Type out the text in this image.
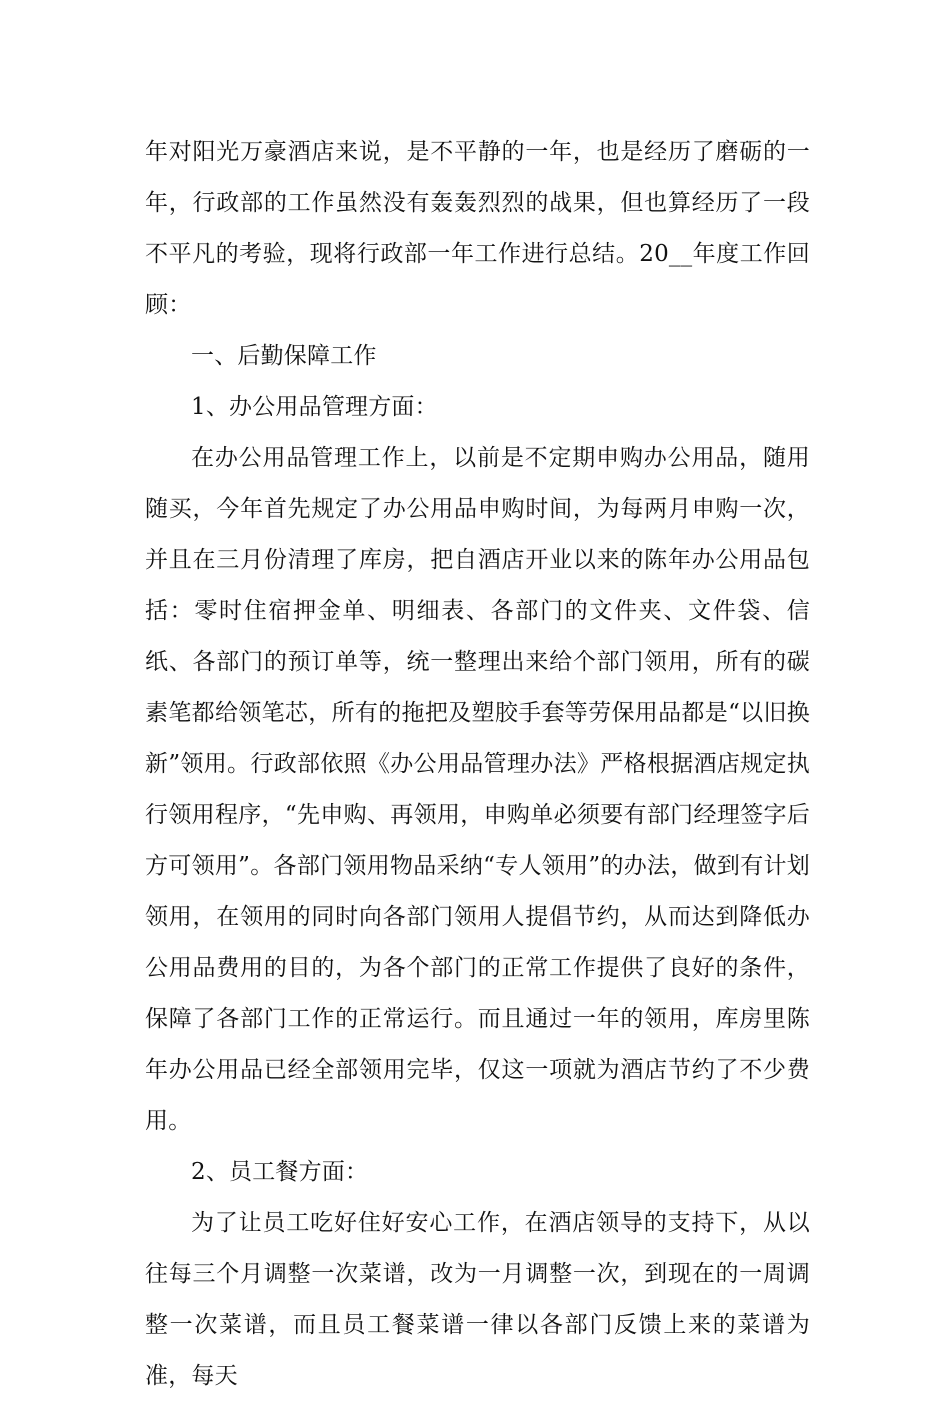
年对阳光万豪酒店来说，是不平静的一年，也是经历了磨砺的一年，行政部的工作虽然没有轰轰烈烈的战果，但也算经历了一段不平凡的考验，现将行政部一年工作进行总结。20__年度工作回顾：

一、后勤保障工作

1、办公用品管理方面：

在办公用品管理工作上，以前是不定期申购办公用品，随用随买，今年首先规定了办公用品申购时间，为每两月申购一次，并且在三月份清理了库房，把自酒店开业以来的陈年办公用品包括：零时住宿押金单、明细表、各部门的文件夹、文件袋、信纸、各部门的预订单等，统一整理出来给个部门领用，所有的碳素笔都给领笔芯，所有的拖把及塑胶手套等劳保用品都是“以旧换新”领用。行政部依照《办公用品管理办法》严格根据酒店规定执行领用程序，“先申购、再领用，申购单必须要有部门经理签字后方可领用”。各部门领用物品采纳“专人领用”的办法，做到有计划领用，在领用的同时向各部门领用人提倡节约，从而达到降低办公用品费用的目的，为各个部门的正常工作提供了良好的条件，保障了各部门工作的正常运行。而且通过一年的领用，库房里陈年办公用品已经全部领用完毕，仅这一项就为酒店节约了不少费用。

2、员工餐方面：

为了让员工吃好住好安心工作，在酒店领导的支持下，从以往每三个月调整一次菜谱，改为一月调整一次，到现在的一周调整一次菜谱，而且员工餐菜谱一律以各部门反馈上来的菜谱为准，每天
